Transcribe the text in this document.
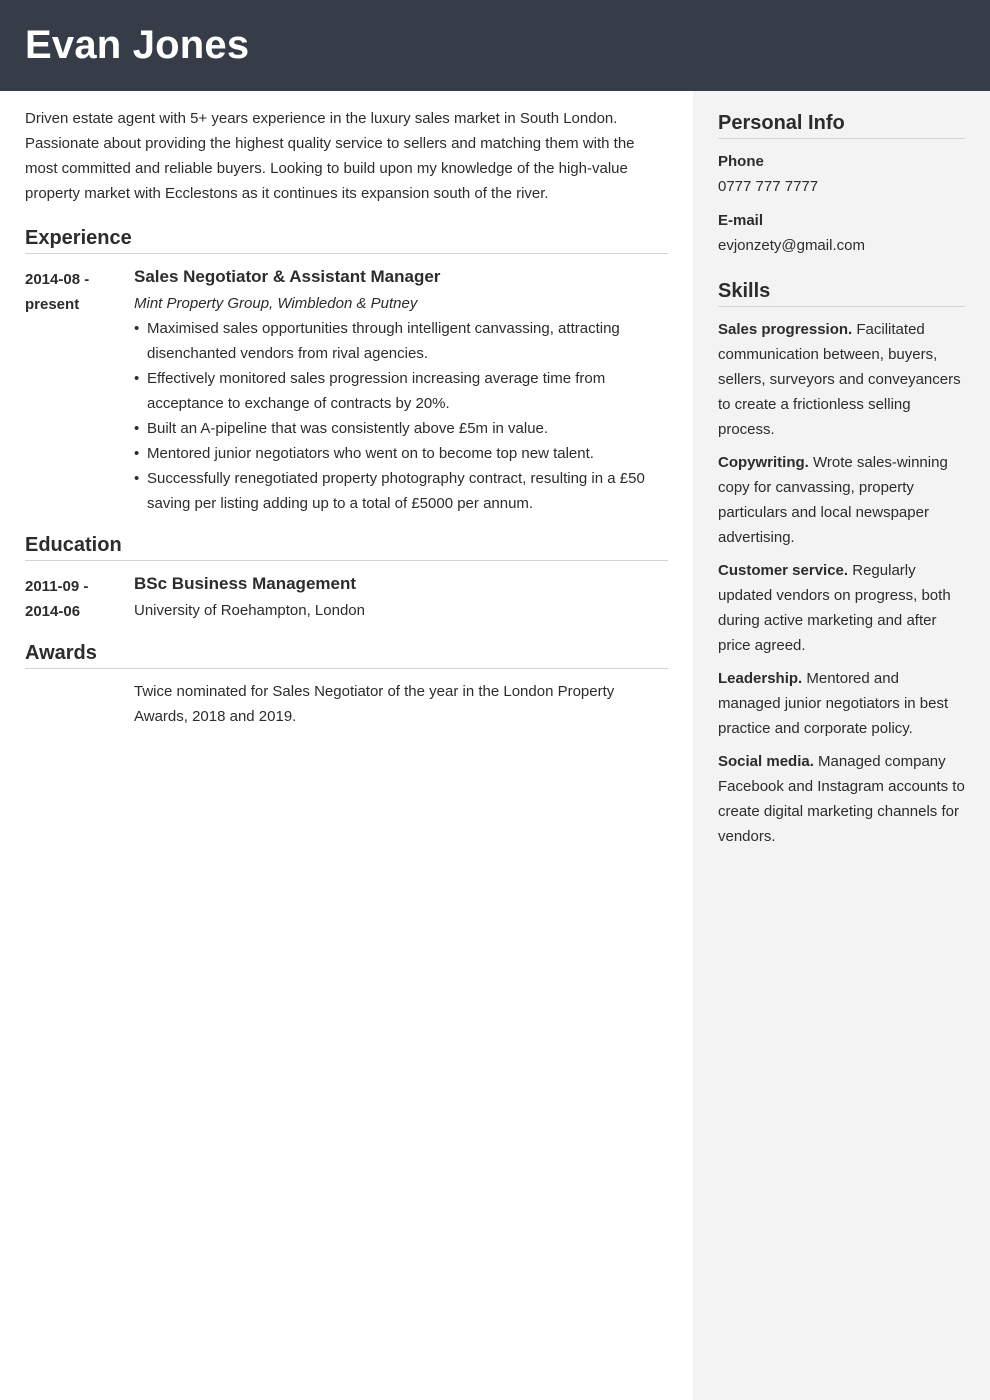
Evan Jones

Driven estate agent with 5+ years experience in the luxury sales market in South London. Passionate about providing the highest quality service to sellers and matching them with the most committed and reliable buyers. Looking to build upon my knowledge of the high-value property market with Ecclestons as it continues its expansion south of the river.

Experience
2014-08 - present
Sales Negotiator & Assistant Manager
Mint Property Group, Wimbledon & Putney
• Maximised sales opportunities through intelligent canvassing, attracting disenchanted vendors from rival agencies.
• Effectively monitored sales progression increasing average time from acceptance to exchange of contracts by 20%.
• Built an A-pipeline that was consistently above £5m in value.
• Mentored junior negotiators who went on to become top new talent.
• Successfully renegotiated property photography contract, resulting in a £50 saving per listing adding up to a total of £5000 per annum.
Education
2011-09 - 2014-06
BSc Business Management
University of Roehampton, London
Awards

Twice nominated for Sales Negotiator of the year in the London Property Awards, 2018 and 2019.

Personal Info
Phone
0777 777 7777
E-mail
evjonzety@gmail.com
Skills
Sales progression. Facilitated communication between, buyers, sellers, surveyors and conveyancers to create a frictionless selling process.
Copywriting. Wrote sales-winning copy for canvassing, property particulars and local newspaper advertising.
Customer service. Regularly updated vendors on progress, both during active marketing and after price agreed.
Leadership. Mentored and managed junior negotiators in best practice and corporate policy.
Social media. Managed company Facebook and Instagram accounts to create digital marketing channels for vendors.
